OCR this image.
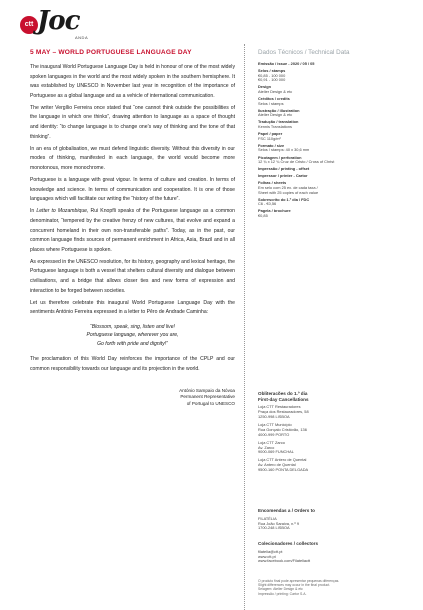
ctt Joc
ANDA
5 MAY – WORLD PORTUGUESE LANGUAGE DAY

The inaugural World Portuguese Language Day is held in honour of one of the most widely spoken languages in the world and the most widely spoken in the southern hemisphere. It was established by UNESCO in November last year in recognition of the importance of Portuguese as a global language and as a vehicle of international communication.

The writer Vergílio Ferreira once stated that “one cannot think outside the possibilities of the language in which one thinks”, drawing attention to language as a space of thought and identity: “to change language is to change one's way of thinking and the tone of that thinking”.

In an era of globalisation, we must defend linguistic diversity. Without this diversity in our modes of thinking, manifested in each language, the world would become more monotonous, more monochrome.

Portuguese is a language with great vigour. In terms of culture and creation. In terms of knowledge and science. In terms of communication and cooperation. It is one of those languages which will facilitate our writing the “history of the future”.

In Letter to Mozambique, Rui Knopfli speaks of the Portuguese language as a common denominator, “tempered by the creative frenzy of new cultures, that evolve and expand a concurrent homeland in their own non-transferable paths”. Today, as in the past, our common language finds sources of permanent enrichment in Africa, Asia, Brazil and in all places where Portuguese is spoken.

As expressed in the UNESCO resolution, for its history, geography and lexical heritage, the Portuguese language is both a vessel that shelters cultural diversity and dialogue between civilisations, and a bridge that allows closer ties and new forms of expression and interaction to be forged between societies.

Let us therefore celebrate this inaugural World Portuguese Language Day with the sentiments António Ferreira expressed in a letter to Pêro de Andrade Caminha:

“Blossom, speak, sing, listen and live!
Portuguese language, wherever you are,
Go forth with pride and dignity!”

The proclamation of this World Day reinforces the importance of the CPLP and our common responsibility towards our language and its projection in the world.

António Sampaio da Nóvoa
Permanent Representative
of Portugal to UNESCO
Dados Técnicos / Technical Data
Emissão / issue - 2020 / 05 / 05
Selos / stamps
€0,85 - 100 000
€0,91 - 100 000
Design
Atelier Design & etc
Créditos / credits
Selos / stamps
Ilustração / illustration
Atelier Design & etc
Tradução / translation
Kennis Translations
Papel / paper
FSC 110g/m²
Formato / size
Selos / stamps: 40 x 30,6 mm
Picotagem / perforation
12 ¾ x 12 ¾ Cruz de Cristo / Cross of Christ
Impressão / printing - offset
Impressor / printer - Cartor
Folhas / sheets
Em selo com 25 ex. de cada taxa /
Sheet with 25 copies of each value
Sobrescrito do 1.º dia / FDC
C6 - €0,56
Pagela / brochure
€0,85
Obliteracões do 1.º dia
First-day Cancellations
Loja CTT Restauradores
Praça dos Restauradores, 58
1250-998 LISBOA
Loja CTT Município
Rua Gonçalo Cristóvão, 136
4000-999 PORTO
Loja CTT Zarco
Av. Zarco
9000-069 FUNCHAL
Loja CTT Antero de Quental
Av. Antero de Quental
9500-160 PONTA DELGADA
Encomendas a / Orders to
FILATÉLIA
Rua João Saraiva, n.º 9
1700-248 LISBOA
Colecionadores / collectors
filatelia@ctt.pt
www.ctt.pt
www.facebook.com/Filateliactt
O produto final pode apresentar pequenas diferenças.
Slight differences may occur in the final product.
Selagem: Atelier Design & etc
Impressão / printing: Cartor S.A.
